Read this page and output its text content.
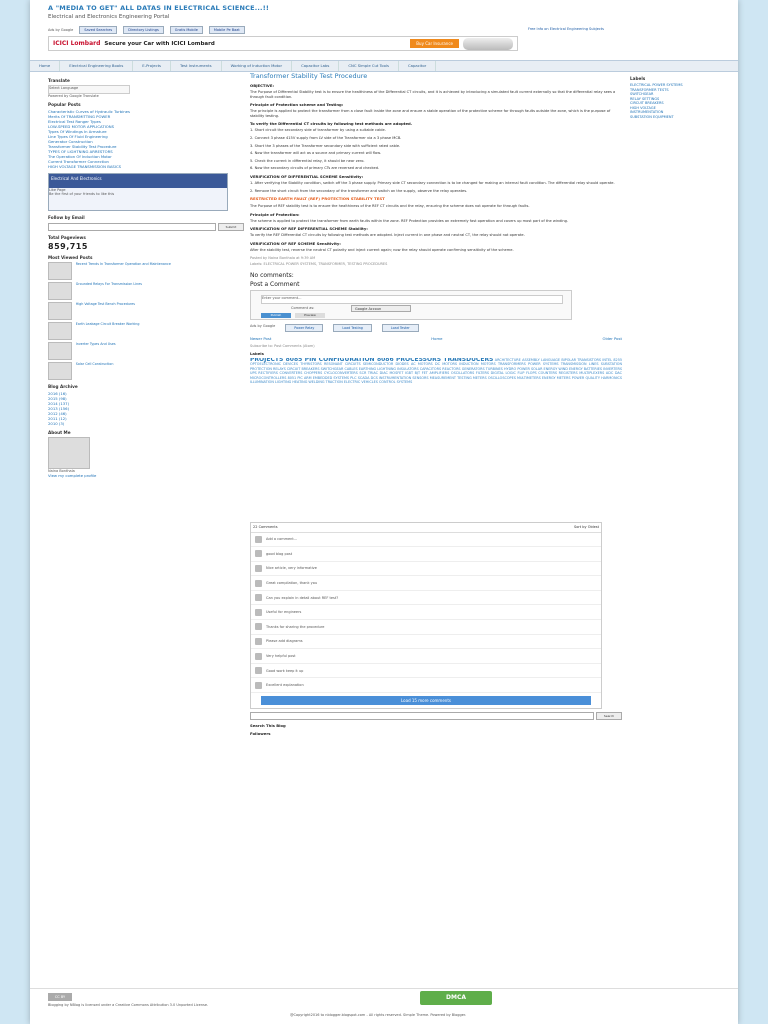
A "MEDIA TO GET" ALL DATAS IN ELECTRICAL SCIENCE...!!
Electrical and Electronics Engineering Portal
Ads by Google	Saved Searches	Directory Listings	Gratis Mobile	Mobile Pe Baat
ICICI Lombard Secure your Car with ICICI Lombard	Buy Car Insurance
Free Info on Electrical Engineering Subjects
Home	Electrical Engineering Books	E-Projects	Test Instruments	Working of Induction Motor	Capacitor Labs	CNC Simple Cut Tools	Capacitor
Translate
Select Language
Powered by Google Translate
Popular Posts
Characteristic Curves of Hydraulic Turbines
Merits Of TRANSMITTING POWER
Electrical Test Ranger Types
LOW-SPEED MOTOR APPLICATIONS
Types Of Windings In Armature
Line Types Of Fluid Engineering
Generator Construction
Transformer Stability Test Procedure
TYPES OF LIGHTNING ARRESTORS
The Operation Of Induction Motor
Current Transformer Connection
HIGH VOLTAGE TRANSMISSION BASICS
Electrical And Electronics
Like Page
Be the first of your friends to like this
Follow by Email
Submit
Total Pageviews
859,715
Most Viewed Posts
Recent Trends In Transformer Operation and Maintenance
Grounded Relays For Transmission Lines
High Voltage Test Bench Procedures
Earth Leakage Circuit Breaker Working
Inverter Types And Uses
Solar Cell Construction
Blog Archive
2016 (16)
2015 (98)
2014 (137)
2013 (156)
2012 (46)
2011 (12)
2010 (3)
About Me
Naina Bonthala
View my complete profile
Transformer Stability Test Procedure
OBJECTIVE:

The Purpose of Differential Stability test is to ensure the healthiness of the Differential CT circuits, and it is achieved by introducing a simulated fault current externally so that the differential relay sees a through fault condition.

Principle of Protection scheme and Testing:

The principle is applied to protect the transformer from a close fault inside the zone and ensure a stable operation of the protective scheme for through faults outside the zone, which is the purpose of stability testing.

To verify the Differential CT circuits by following test methods are adopted.

1. Short circuit the secondary side of transformer by using a suitable cable.

2. Connect 3 phase 415V supply from LV side of the Transformer via a 3 phase MCB.

3. Short the 3 phases of the Transformer secondary side with sufficient rated cable.

4. Now the transformer will act as a source and primary current will flow.

5. Check the current in differential relay, it should be near zero.

6. Now the secondary circuits of primary CTs are reversed and checked.

VERIFICATION OF DIFFERENTIAL SCHEME Sensitivity:

1. After verifying the Stability condition, switch off the 3 phase supply. Primary side CT secondary connection is to be changed for making an internal fault condition. The differential relay should operate.

2. Remove the short circuit from the secondary of the transformer and switch on the supply, observe the relay operates.

RESTRICTED EARTH FAULT (REF) PROTECTION STABILITY TEST

The Purpose of REF stability test is to ensure the healthiness of the REF CT circuits and the relay, ensuring the scheme does not operate for through faults.

Principle of Protection:

The scheme is applied to protect the transformer from earth faults within the zone. REF Protection provides an extremely fast operation and covers up most part of the winding.

VERIFICATION OF REF DIFFERENTIAL SCHEME Stability:

To verify the REF Differential CT circuits by following test methods are adopted. Inject current in one phase and neutral CT, the relay should not operate.

VERIFICATION OF REF SCHEME Sensitivity:

After the stability test, reverse the neutral CT polarity and inject current again; now the relay should operate confirming sensitivity of the scheme.

Posted by Naina Bonthala at 9:39 AM
Labels: ELECTRICAL POWER SYSTEMS, TRANSFORMER, TESTING PROCEDURES
No comments:
Post a Comment
Enter your comment...
Comment as:	Google Accoun
Publish	Preview
Ads by Google	Power Relay	Load Testing	Load Tester
Newer Post	Home	Older Post
Subscribe to: Post Comments (Atom)
Labels
PROJECTS 8085 PIN CONFIGURATION 8086 PROCESSORS TRANSDUCERS ARCHITECTURE ASSEMBLY LANGUAGE BIPOLAR TRANSISTORS INTEL 8255 OPTOELECTRONIC DEVICES THYRISTORS RESONANT CIRCUITS SEMICONDUCTOR DIODES AC MOTORS DC MOTORS INDUCTION MOTORS TRANSFORMERS POWER SYSTEMS TRANSMISSION LINES SUBSTATION PROTECTION RELAYS CIRCUIT BREAKERS SWITCHGEAR CABLES EARTHING LIGHTNING INSULATORS CAPACITORS REACTORS GENERATORS TURBINES HYDRO POWER SOLAR ENERGY WIND ENERGY BATTERIES INVERTERS UPS RECTIFIERS CONVERTERS CHOPPERS CYCLOCONVERTERS SCR TRIAC DIAC MOSFET IGBT BJT FET AMPLIFIERS OSCILLATORS FILTERS DIGITAL LOGIC FLIP FLOPS COUNTERS REGISTERS MULTIPLEXERS ADC DAC MICROCONTROLLERS 8051 PIC ARM EMBEDDED SYSTEMS PLC SCADA DCS INSTRUMENTATION SENSORS MEASUREMENT TESTING METERS OSCILLOSCOPES MULTIMETERS ENERGY METERS POWER QUALITY HARMONICS ILLUMINATION LIGHTING HEATING WELDING TRACTION ELECTRIC VEHICLES CONTROL SYSTEMS
22 Comments	Sort by Oldest
Add a comment...
good blog post
Nice article, very informative
Great compilation, thank you
Can you explain in detail about REF test?
Useful for engineers
Thanks for sharing the procedure
Please add diagrams
Very helpful post
Good work keep it up
Excellent explanation
Load 15 more comments
Search
Search This Blog
Followers
Labels
ELECTRICAL POWER SYSTEMS
TRANSFORMER TESTS
SWITCHGEAR
RELAY SETTINGS
CIRCUIT BREAKERS
HIGH VOLTAGE
INSTRUMENTATION
SUBSTATION EQUIPMENT
CC BY
Blogging by NBlog is licensed under a Creative Commons Attribution 3.0 Unported License.
DMCA
@Copyright2016 to nblogger.blogspot.com - All rights reserved. Simple Theme. Powered by Blogger.
